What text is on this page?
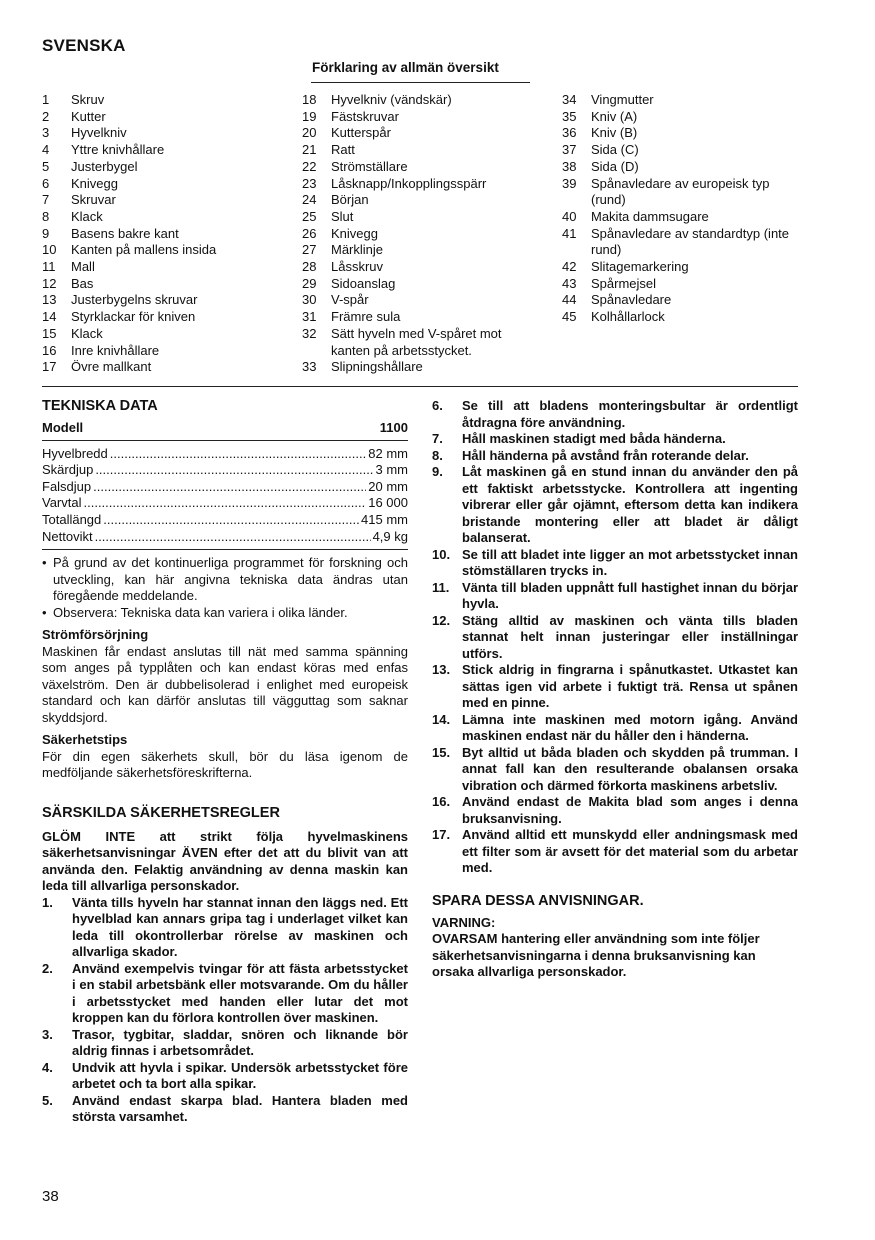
SVENSKA
Förklaring av allmän översikt
1	Skruv
2	Kutter
3	Hyvelkniv
4	Yttre knivhållare
5	Justerbygel
6	Knivegg
7	Skruvar
8	Klack
9	Basens bakre kant
10	Kanten på mallens insida
11	Mall
12	Bas
13	Justerbygelns skruvar
14	Styrklackar för kniven
15	Klack
16	Inre knivhållare
17	Övre mallkant
18	Hyvelkniv (vändskär)
19	Fästskruvar
20	Kutterspår
21	Ratt
22	Strömställare
23	Låsknapp/Inkopplingsspärr
24	Början
25	Slut
26	Knivegg
27	Märklinje
28	Låsskruv
29	Sidoanslag
30	V-spår
31	Främre sula
32	Sätt hyveln med V-spåret mot kanten på arbetsstycket.
33	Slipningshållare
34	Vingmutter
35	Kniv (A)
36	Kniv (B)
37	Sida (C)
38	Sida (D)
39	Spånavledare av europeisk typ (rund)
40	Makita dammsugare
41	Spånavledare av standardtyp (inte rund)
42	Slitagemarkering
43	Spårmejsel
44	Spånavledare
45	Kolhållarlock
TEKNISKA DATA
Modell	1100
Hyvelbredd .....	82 mm
Skärdjup .....	3 mm
Falsdjup .....	20 mm
Varvtal .....	16 000
Totallängd .....	415 mm
Nettovikt .....	4,9 kg
• På grund av det kontinuerliga programmet för forskning och utveckling, kan här angivna tekniska data ändras utan föregående meddelande.
• Observera: Tekniska data kan variera i olika länder.
Strömförsörjning
Maskinen får endast anslutas till nät med samma spänning som anges på typplåten och kan endast köras med enfas växelström. Den är dubbelisolerad i enlighet med europeisk standard och kan därför anslutas till vägguttag som saknar skyddsjord.
Säkerhetstips
För din egen säkerhets skull, bör du läsa igenom de medföljande säkerhetsföreskrifterna.
SÄRSKILDA SÄKERHETSREGLER
GLÖM INTE att strikt följa hyvelmaskinens säkerhetsanvisningar ÄVEN efter det att du blivit van att använda den. Felaktig användning av denna maskin kan leda till allvarliga personskador.
1.	Vänta tills hyveln har stannat innan den läggs ned. Ett hyvelblad kan annars gripa tag i underlaget vilket kan leda till okontrollerbar rörelse av maskinen och allvarliga skador.
2.	Använd exempelvis tvingar för att fästa arbetsstycket i en stabil arbetsbänk eller motsvarande. Om du håller i arbetsstycket med handen eller lutar det mot kroppen kan du förlora kontrollen över maskinen.
3.	Trasor, tygbitar, sladdar, snören och liknande bör aldrig finnas i arbetsområdet.
4.	Undvik att hyvla i spikar. Undersök arbetsstycket före arbetet och ta bort alla spikar.
5.	Använd endast skarpa blad. Hantera bladen med största varsamhet.
6.	Se till att bladens monteringsbultar är ordentligt åtdragna före användning.
7.	Håll maskinen stadigt med båda händerna.
8.	Håll händerna på avstånd från roterande delar.
9.	Låt maskinen gå en stund innan du använder den på ett faktiskt arbetsstycke. Kontrollera att ingenting vibrerar eller går ojämnt, eftersom detta kan indikera bristande montering eller att bladet är dåligt balanserat.
10. Se till att bladet inte ligger an mot arbetsstycket innan stömställaren trycks in.
11. Vänta till bladen uppnått full hastighet innan du börjar hyvla.
12. Stäng alltid av maskinen och vänta tills bladen stannat helt innan justeringar eller inställningar utförs.
13. Stick aldrig in fingrarna i spånutkastet. Utkastet kan sättas igen vid arbete i fuktigt trä. Rensa ut spånen med en pinne.
14. Lämna inte maskinen med motorn igång. Använd maskinen endast när du håller den i händerna.
15. Byt alltid ut båda bladen och skydden på trumman. I annat fall kan den resulterande obalansen orsaka vibration och därmed förkorta maskinens arbetsliv.
16. Använd endast de Makita blad som anges i denna bruksanvisning.
17. Använd alltid ett munskydd eller andningsmask med ett filter som är avsett för det material som du arbetar med.
SPARA DESSA ANVISNINGAR.
VARNING:
OVARSAM hantering eller användning som inte följer säkerhetsanvisningarna i denna bruksanvisning kan orsaka allvarliga personskador.
38
